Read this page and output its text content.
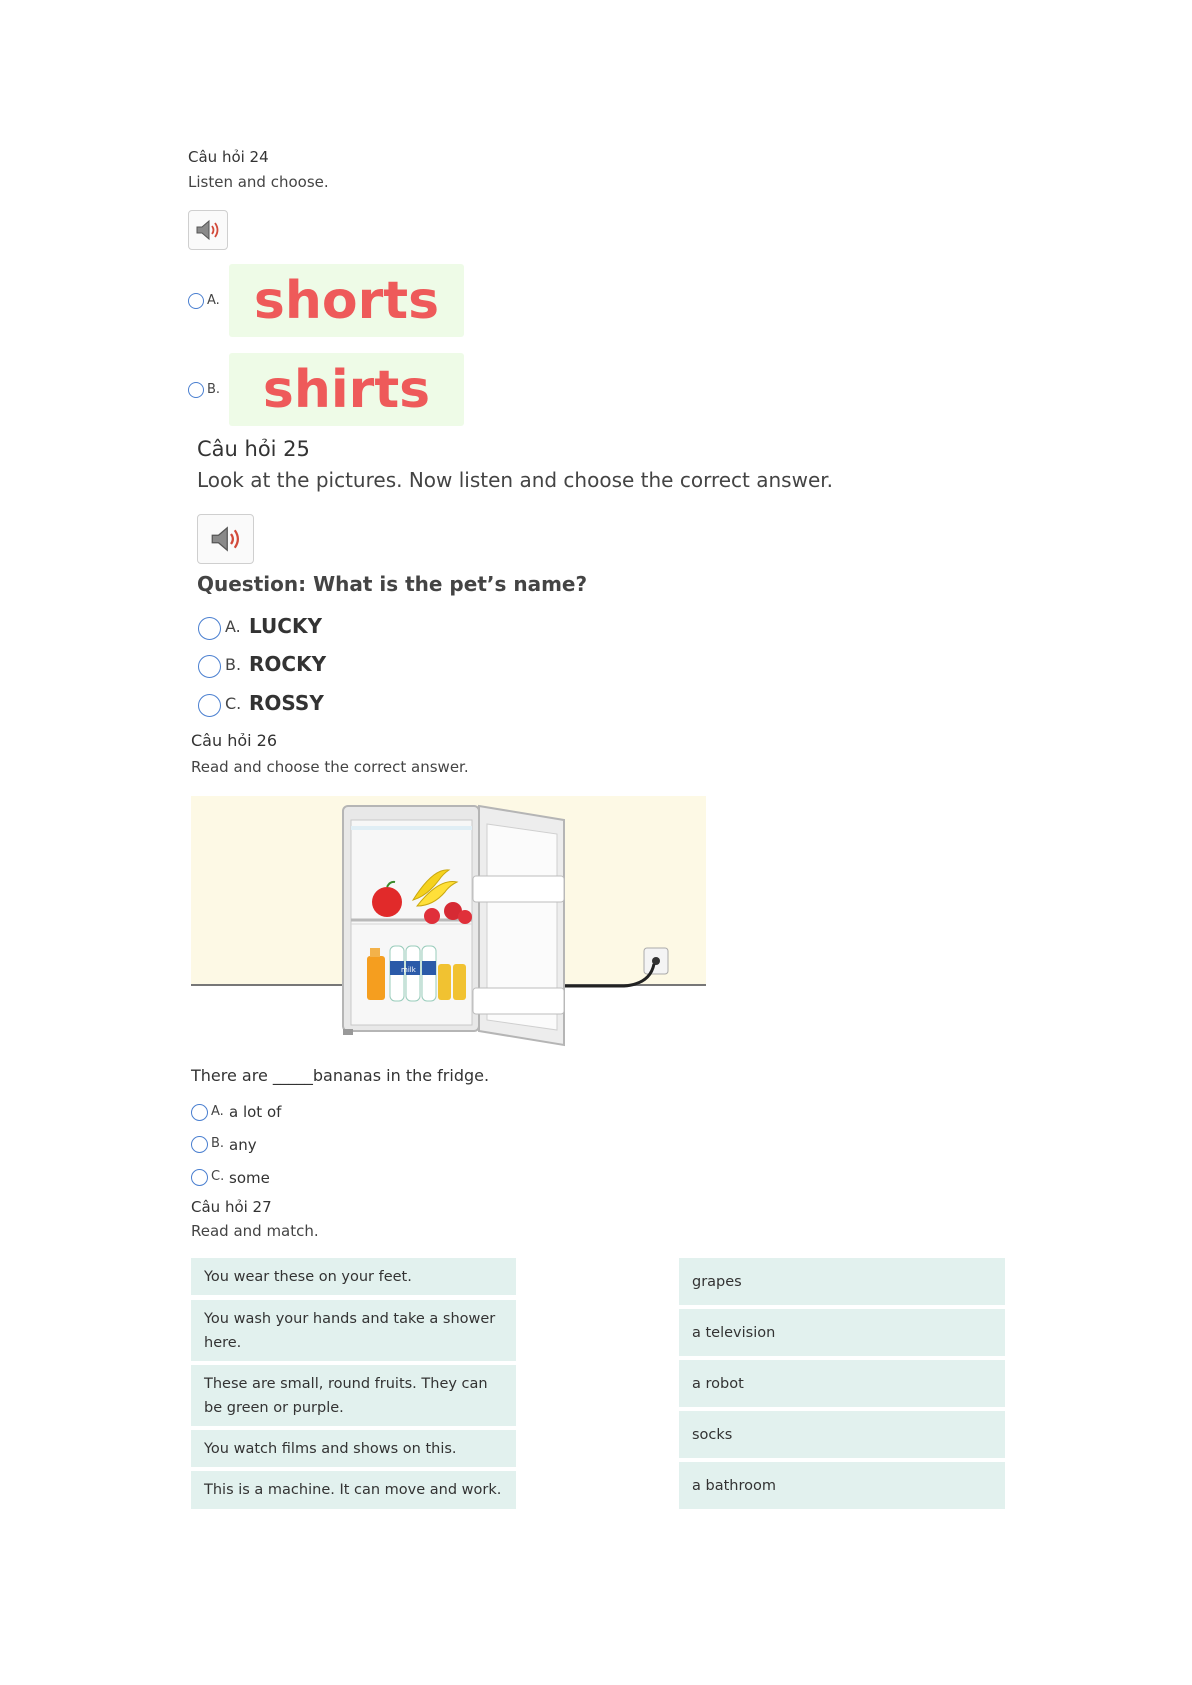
Câu hỏi 24
Listen and choose.
A. shorts
B. shirts
Câu hỏi 25
Look at the pictures. Now listen and choose the correct answer.
Question: What is the pet’s name?
A. LUCKY
B. ROCKY
C. ROSSY
Câu hỏi 26
Read and choose the correct answer.
milk
There are _____bananas in the fridge.
A. a lot of
B. any
C. some
Câu hỏi 27
Read and match.
You wear these on your feet.
You wash your hands and take a shower here.
These are small, round fruits. They can be green or purple.
You watch films and shows on this.
This is a machine. It can move and work.
grapes
a television
a robot
socks
a bathroom
